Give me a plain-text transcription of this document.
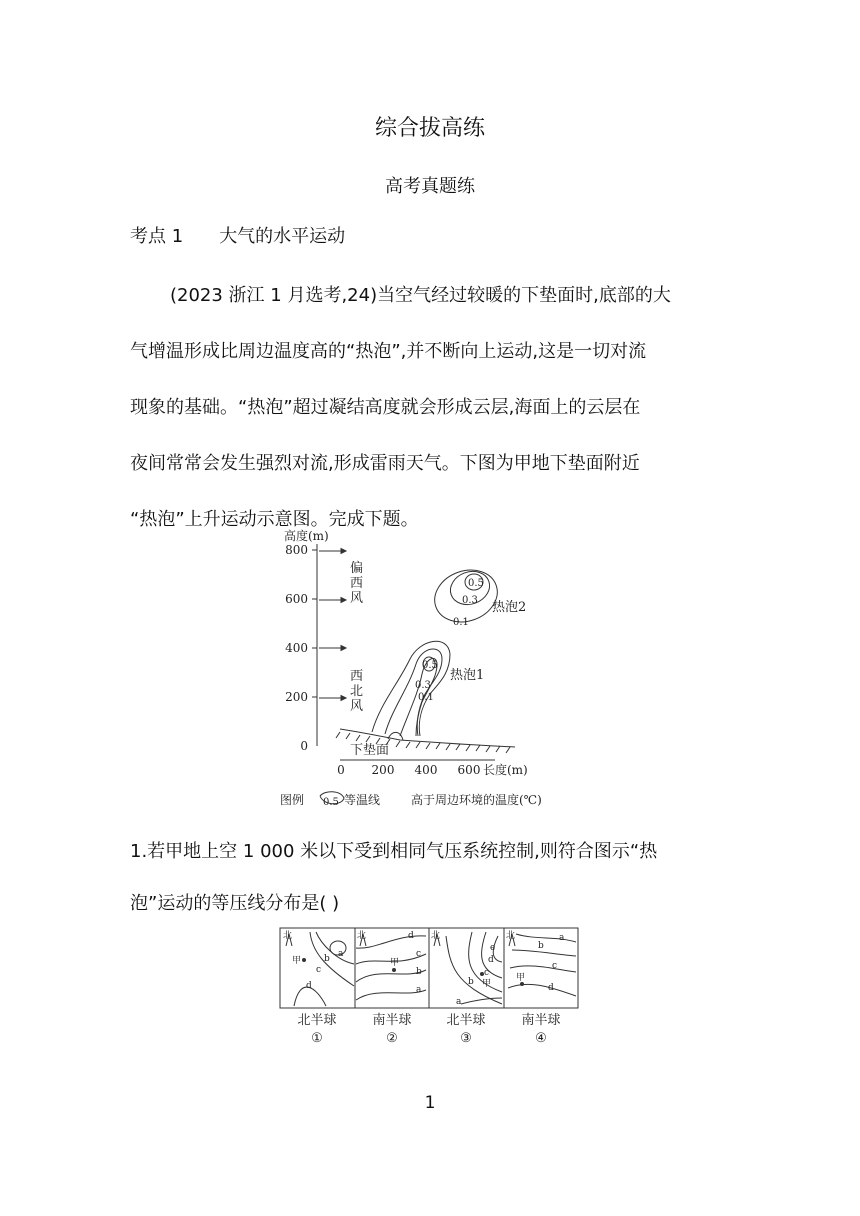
综合拔高练
高考真题练
考点 1 大气的水平运动
(2023 浙江 1 月选考,24)当空气经过较暖的下垫面时,底部的大
气增温形成比周边温度高的“热泡”,并不断向上运动,这是一切对流
现象的基础。“热泡”超过凝结高度就会形成云层,海面上的云层在
夜间常常会发生强烈对流,形成雷雨天气。下图为甲地下垫面附近
“热泡”上升运动示意图。完成下题。
高度(m)
800
600
400
200
0
偏
西
风
西
北
风
下垫面
0.5
0.3
0.1
热泡2
0.5
0.3
0.1
热泡1
0 200 400 600 长度(m)
图例 0.5 等温线	高于周边环境的温度(℃)
1.若甲地上空 1 000 米以下受到相同气压系统控制,则符合图示“热
泡”运动的等压线分布是( )
北
甲
a
b
c
d
北
甲
d
c
b
a
北
甲
e
d
c
b
a
北
甲
a
b
c
d
北半球	南半球	北半球	南半球
①	②	③	④
1
